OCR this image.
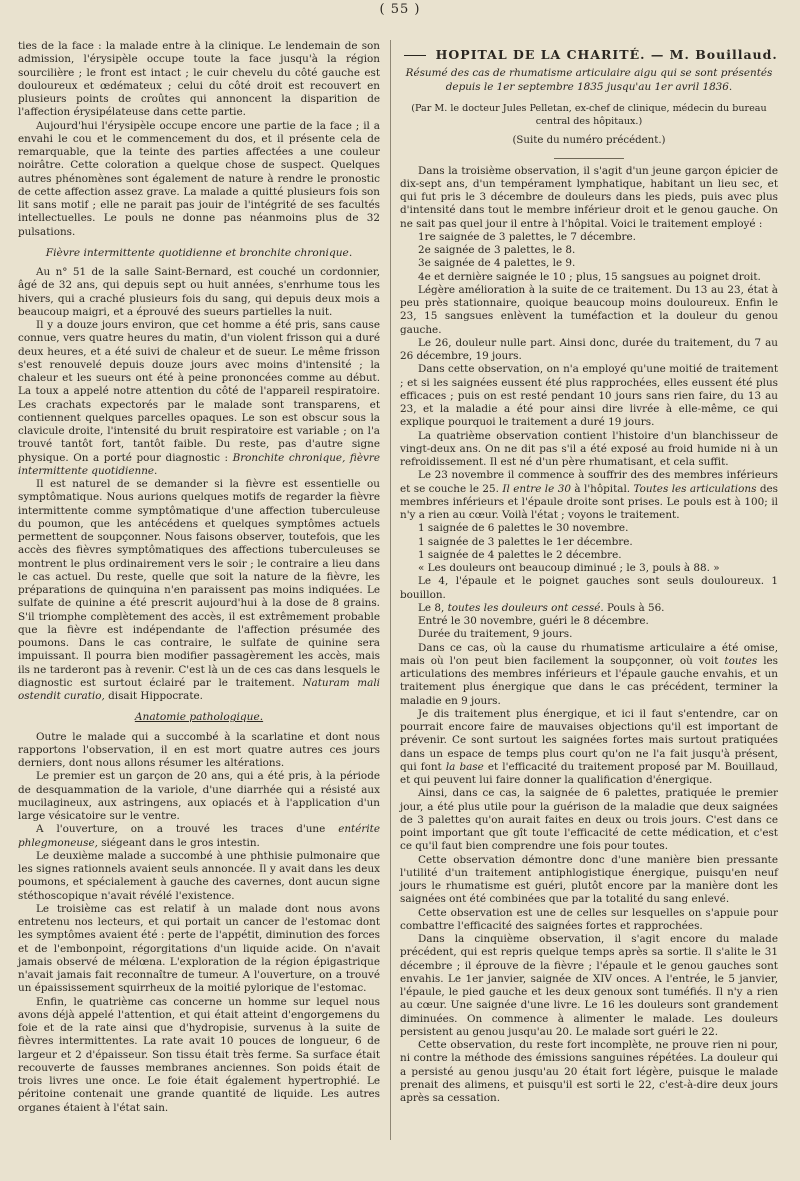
( 55 )

ties de la face : la malade entre à la clinique. Le lendemain de son admission, l'érysipèle occupe toute la face jusqu'à la région sourcilière ; le front est intact ; le cuir chevelu du côté gauche est douloureux et œdémateux ; celui du côté droit est recouvert en plusieurs points de croûtes qui annoncent la disparition de l'affection érysipélateuse dans cette partie.

Aujourd'hui l'érysipèle occupe encore une partie de la face ; il a envahi le cou et le commencement du dos, et il présente cela de remarquable, que la teinte des parties affectées a une couleur noirâtre. Cette coloration a quelque chose de suspect. Quelques autres phénomènes sont également de nature à rendre le pronostic de cette affection assez grave. La malade a quitté plusieurs fois son lit sans motif ; elle ne parait pas jouir de l'intégrité de ses facultés intellectuelles. Le pouls ne donne pas néanmoins plus de 32 pulsations.

Fièvre intermittente quotidienne et bronchite chronique.

Au n° 51 de la salle Saint-Bernard, est couché un cordonnier, âgé de 32 ans, qui depuis sept ou huit années, s'enrhume tous les hivers, qui a craché plusieurs fois du sang, qui depuis deux mois a beaucoup maigri, et a éprouvé des sueurs partielles la nuit.

Il y a douze jours environ, que cet homme a été pris, sans cause connue, vers quatre heures du matin, d'un violent frisson qui a duré deux heures, et a été suivi de chaleur et de sueur. Le même frisson s'est renouvelé depuis douze jours avec moins d'intensité ; la chaleur et les sueurs ont été à peine prononcées comme au début. La toux a appelé notre attention du côté de l'appareil respiratoire. Les crachats expectorés par le malade sont transparens, et contiennent quelques parcelles opaques. Le son est obscur sous la clavicule droite, l'intensité du bruit respiratoire est variable ; on l'a trouvé tantôt fort, tantôt faible. Du reste, pas d'autre signe physique. On a porté pour diagnostic : Bronchite chronique, fièvre intermittente quotidienne.

Il est naturel de se demander si la fièvre est essentielle ou symptômatique. Nous aurions quelques motifs de regarder la fièvre intermittente comme symptômatique d'une affection tuberculeuse du poumon, que les antécédens et quelques symptômes actuels permettent de soupçonner. Nous faisons observer, toutefois, que les accès des fièvres symptômatiques des affections tuberculeuses se montrent le plus ordinairement vers le soir ; le contraire a lieu dans le cas actuel. Du reste, quelle que soit la nature de la fièvre, les préparations de quinquina n'en paraissent pas moins indiquées. Le sulfate de quinine a été prescrit aujourd'hui à la dose de 8 grains. S'il triomphe complètement des accès, il est extrêmement probable que la fièvre est indépendante de l'affection présumée des poumons. Dans le cas contraire, le sulfate de quinine sera impuissant. Il pourra bien modifier passagèrement les accès, mais ils ne tarderont pas à revenir. C'est là un de ces cas dans lesquels le diagnostic est surtout éclairé par le traitement. Naturam mali ostendit curatio, disait Hippocrate.

Anatomie pathologique.

Outre le malade qui a succombé à la scarlatine et dont nous rapportons l'observation, il en est mort quatre autres ces jours derniers, dont nous allons résumer les altérations.

Le premier est un garçon de 20 ans, qui a été pris, à la période de desquammation de la variole, d'une diarrhée qui a résisté aux mucilagineux, aux astringens, aux opiacés et à l'application d'un large vésicatoire sur le ventre.

A l'ouverture, on a trouvé les traces d'une entérite phlegmoneuse, siégeant dans le gros intestin.

Le deuxième malade a succombé à une phthisie pulmonaire que les signes rationnels avaient seuls annoncée. Il y avait dans les deux poumons, et spécialement à gauche des cavernes, dont aucun signe stéthoscopique n'avait révélé l'existence.

Le troisième cas est relatif à un malade dont nous avons entretenu nos lecteurs, et qui portait un cancer de l'estomac dont les symptômes avaient été : perte de l'appétit, diminution des forces et de l'embonpoint, régorgitations d'un liquide acide. On n'avait jamais observé de mélœna. L'exploration de la région épigastrique n'avait jamais fait reconnaître de tumeur. A l'ouverture, on a trouvé un épaississement squirrheux de la moitié pylorique de l'estomac.

Enfin, le quatrième cas concerne un homme sur lequel nous avons déjà appelé l'attention, et qui était atteint d'engorgemens du foie et de la rate ainsi que d'hydropisie, survenus à la suite de fièvres intermittentes. La rate avait 10 pouces de longueur, 6 de largeur et 2 d'épaisseur. Son tissu était très ferme. Sa surface était recouverte de fausses membranes anciennes. Son poids était de trois livres une once. Le foie était également hypertrophié. Le péritoine contenait une grande quantité de liquide. Les autres organes étaient à l'état sain.

HOPITAL DE LA CHARITÉ. — M. Bouillaud.
Résumé des cas de rhumatisme articulaire aigu qui se sont présentés depuis le 1er septembre 1835 jusqu'au 1er avril 1836.
(Par M. le docteur Jules Pelletan, ex-chef de clinique, médecin du bureau central des hôpitaux.)
(Suite du numéro précédent.)

Dans la troisième observation, il s'agit d'un jeune garçon épicier de dix-sept ans, d'un tempérament lymphatique, habitant un lieu sec, et qui fut pris le 3 décembre de douleurs dans les pieds, puis avec plus d'intensité dans tout le membre inférieur droit et le genou gauche. On ne sait pas quel jour il entre à l'hôpital. Voici le traitement employé :

1re saignée de 3 palettes, le 7 décembre.
2e saignée de 3 palettes, le 8.
3e saignée de 4 palettes, le 9.
4e et dernière saignée le 10 ; plus, 15 sangsues au poignet droit.

Légère amélioration à la suite de ce traitement. Du 13 au 23, état à peu près stationnaire, quoique beaucoup moins douloureux. Enfin le 23, 15 sangsues enlèvent la tuméfaction et la douleur du genou gauche.

Le 26, douleur nulle part. Ainsi donc, durée du traitement, du 7 au 26 décembre, 19 jours.

Dans cette observation, on n'a employé qu'une moitié de traitement ; et si les saignées eussent été plus rapprochées, elles eussent été plus efficaces ; puis on est resté pendant 10 jours sans rien faire, du 13 au 23, et la maladie a été pour ainsi dire livrée à elle-même, ce qui explique pourquoi le traitement a duré 19 jours.

La quatrième observation contient l'histoire d'un blanchisseur de vingt-deux ans. On ne dit pas s'il a été exposé au froid humide ni à un refroidissement. Il est né d'un père rhumatisant, et cela suffit.

Le 23 novembre il commence à souffrir des des membres inférieurs et se couche le 25. Il entre le 30 à l'hôpital. Toutes les articulations des membres inférieurs et l'épaule droite sont prises. Le pouls est à 100; il n'y a rien au cœur. Voilà l'état ; voyons le traitement.

1 saignée de 6 palettes le 30 novembre.
1 saignée de 3 palettes le 1er décembre.
1 saignée de 4 palettes le 2 décembre.
« Les douleurs ont beaucoup diminué ; le 3, pouls à 88. »

Le 4, l'épaule et le poignet gauches sont seuls douloureux. 1 bouillon.

Le 8, toutes les douleurs ont cessé. Pouls à 56.

Entré le 30 novembre, guéri le 8 décembre.

Durée du traitement, 9 jours.

Dans ce cas, où la cause du rhumatisme articulaire a été omise, mais où l'on peut bien facilement la soupçonner, où voit toutes les articulations des membres inférieurs et l'épaule gauche envahis, et un traitement plus énergique que dans le cas précédent, terminer la maladie en 9 jours.

Je dis traitement plus énergique, et ici il faut s'entendre, car on pourrait encore faire de mauvaises objections qu'il est important de prévenir. Ce sont surtout les saignées fortes mais surtout pratiquées dans un espace de temps plus court qu'on ne l'a fait jusqu'à présent, qui font la base et l'efficacité du traitement proposé par M. Bouillaud, et qui peuvent lui faire donner la qualification d'énergique.

Ainsi, dans ce cas, la saignée de 6 palettes, pratiquée le premier jour, a été plus utile pour la guérison de la maladie que deux saignées de 3 palettes qu'on aurait faites en deux ou trois jours. C'est dans ce point important que gît toute l'efficacité de cette médication, et c'est ce qu'il faut bien comprendre une fois pour toutes.

Cette observation démontre donc d'une manière bien pressante l'utilité d'un traitement antiphlogistique énergique, puisqu'en neuf jours le rhumatisme est guéri, plutôt encore par la manière dont les saignées ont été combinées que par la totalité du sang enlevé.

Cette observation est une de celles sur lesquelles on s'appuie pour combattre l'efficacité des saignées fortes et rapprochées.

Dans la cinquième observation, il s'agit encore du malade précédent, qui est repris quelque temps après sa sortie. Il s'alite le 31 décembre ; il éprouve de la fièvre ; l'épaule et le genou gauches sont envahis. Le 1er janvier, saignée de XIV onces. A l'entrée, le 5 janvier, l'épaule, le pied gauche et les deux genoux sont tuméfiés. Il n'y a rien au cœur. Une saignée d'une livre. Le 16 les douleurs sont grandement diminuées. On commence à alimenter le malade. Les douleurs persistent au genou jusqu'au 20. Le malade sort guéri le 22.

Cette observation, du reste fort incomplète, ne prouve rien ni pour, ni contre la méthode des émissions sanguines répétées. La douleur qui a persisté au genou jusqu'au 20 était fort légère, puisque le malade prenait des alimens, et puisqu'il est sorti le 22, c'est-à-dire deux jours après sa cessation.
